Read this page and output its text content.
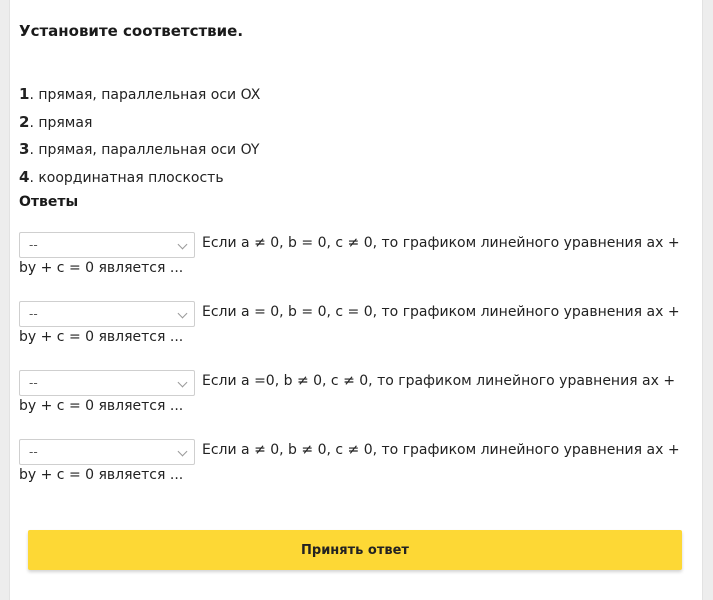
Установите соответствие.
1. прямая, параллельная оси OX
2. прямая
3. прямая, параллельная оси OY
4. координатная плоскость
Ответы

Если a ≠ 0, b = 0, c ≠ 0, то графиком линейного уравнения ax + by + c = 0 является ...

--

Если a = 0, b = 0, c = 0, то графиком линейного уравнения ax + by + c = 0 является ...

--

Если a =0, b ≠ 0, c ≠ 0, то графиком линейного уравнения ax + by + c = 0 является ...

--

Если a ≠ 0, b ≠ 0, c ≠ 0, то графиком линейного уравнения ax + by + c = 0 является ...

--
Принять ответ
